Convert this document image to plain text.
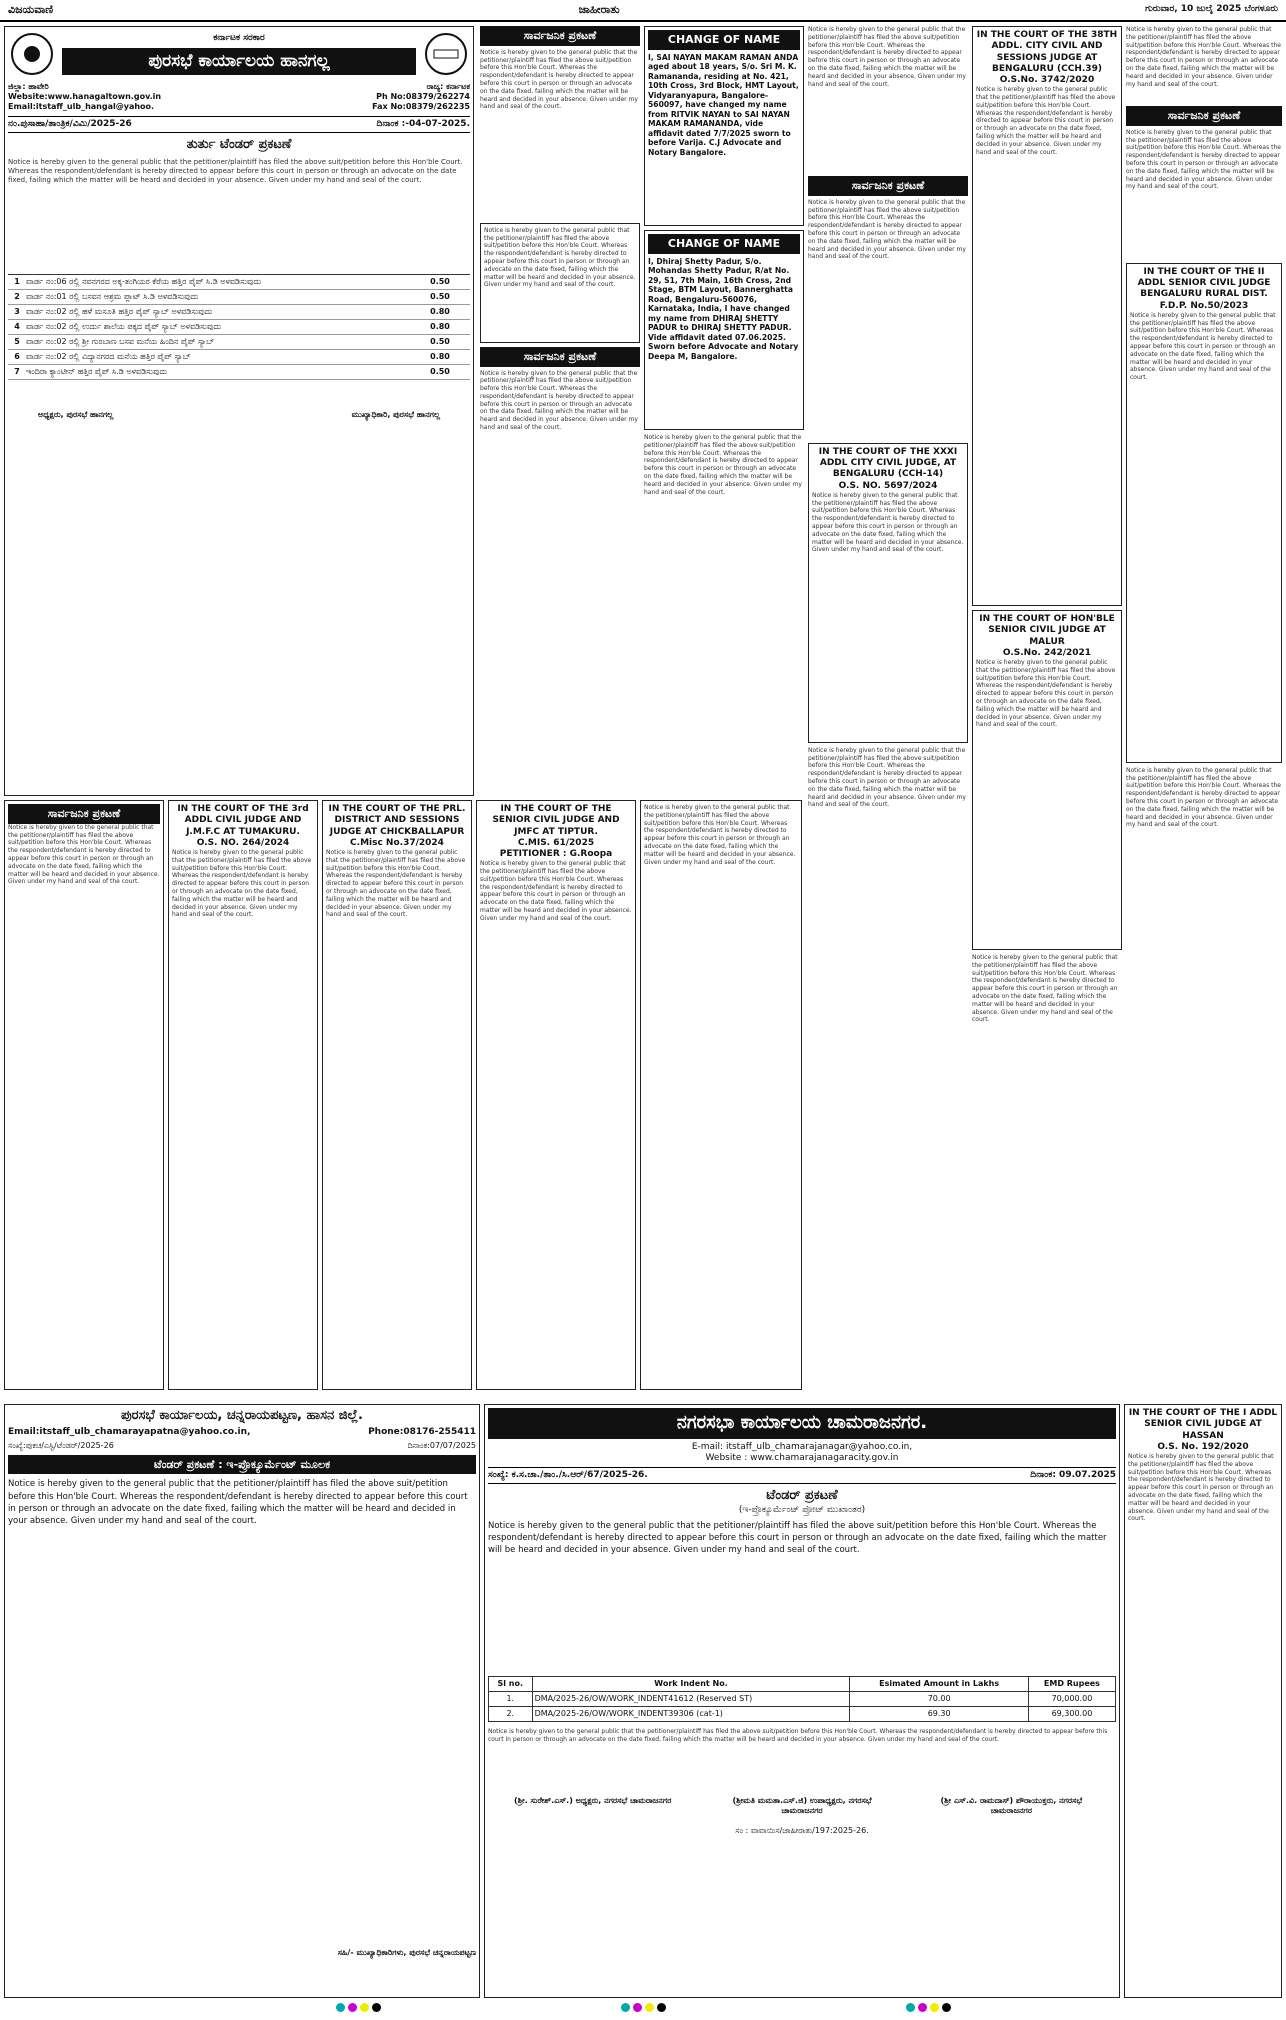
ವಿಜಯವಾಣಿ	ಜಾಹೀರಾತು	ಗುರುವಾರ, 10 ಜುಲೈ 2025 ಬೆಂಗಳೂರು
ಕರ್ನಾಟಕ ಸರಕಾರ
ಪುರಸಭೆ ಕಾರ್ಯಾಲಯ ಹಾನಗಲ್ಲ
ಜಿಲ್ಲಾ: ಹಾವೇರಿ
Website:www.hanagaltown.gov.in
Email:itstaff_ulb_hangal@yahoo.
ರಾಜ್ಯ: ಕರ್ನಾಟಕ
Ph No:08379/262274
Fax No:08379/262235
ನಂ.ಪುಸಾಹಾ/ತಾಂತ್ರಿಕ/ವಿಮಿ/2025-26	ದಿನಾಂಕ :-04-07-2025.
ತುರ್ತು ಟೆಂಡರ್ ಪ್ರಕಟಣೆ
Notice is hereby given to the general public that the petitioner/plaintiff has filed the above suit/petition before this Hon'ble Court. Whereas the respondent/defendant is hereby directed to appear before this court in person or through an advocate on the date fixed, failing which the matter will be heard and decided in your absence. Given under my hand and seal of the court.
1 ವಾರ್ಡ ನಂ:06 ರಲ್ಲಿ ನವನಗರದ ಅಕ್ಕ-ತಂಗಿಯರ ಕೆರೆಯ ಹತ್ತಿರ ಪೈಪ್ ಸಿ.ಡಿ ಅಳವಡಿಸುವುದು	0.50
2 ವಾರ್ಡ ನಂ:01 ರಲ್ಲಿ ಬಸವನ ಆಶ್ರಮ ಪ್ಲಾಟ್ ಸಿ.ಡಿ ಅಳವಡಿಸುವುದು	0.50
3 ವಾರ್ಡ ನಂ:02 ರಲ್ಲಿ ಹಳೆ ಮಸೂತಿ ಹತ್ತಿರ ಪೈಪ್ ಸ್ಯಾಬ್ ಅಳವಡಿಸುವುದು	0.80
4 ವಾರ್ಡ ನಂ:02 ರಲ್ಲಿ ಉರ್ದು ಶಾಲೆಯ ಪಕ್ಕದ ಪೈಪ್ ಸ್ಯಾಬ್ ಅಳವಡಿಸುವುದು	0.80
5 ವಾರ್ಡ ನಂ:02 ರಲ್ಲಿ ಶ್ರೀ ಗುರಬಾಣ ಬಸವ ಮನೆಯ ಹಿಂದಿನ ಪೈಪ್ ಸ್ಯಾಬ್	0.50
6 ವಾರ್ಡ ನಂ:02 ರಲ್ಲಿ ವಿದ್ಯಾನಗರದ ಮನೆಯ ಹತ್ತಿರ ಪೈಪ್ ಸ್ಯಾಬ್	0.80
7 ಇಂದಿರಾ ಕ್ಯಾಂಟೀನ್ ಹತ್ತಿರ ಪೈಪ್ ಸಿ.ಡಿ ಅಳವಡಿಸುವುದು	0.50
ಅಧ್ಯಕ್ಷರು, ಪುರಸಭೆ ಹಾನಗಲ್ಲ	ಮುಖ್ಯಾಧಿಕಾರಿ, ಪುರಸಭೆ ಹಾನಗಲ್ಲ
ಸಾರ್ವಜನಿಕ ಪ್ರಕಟಣೆ
Notice is hereby given to the general public that the petitioner/plaintiff has filed the above suit/petition before this Hon'ble Court. Whereas the respondent/defendant is hereby directed to appear before this court in person or through an advocate on the date fixed, failing which the matter will be heard and decided in your absence. Given under my hand and seal of the court.
Notice is hereby given to the general public that the petitioner/plaintiff has filed the above suit/petition before this Hon'ble Court. Whereas the respondent/defendant is hereby directed to appear before this court in person or through an advocate on the date fixed, failing which the matter will be heard and decided in your absence. Given under my hand and seal of the court.
ಸಾರ್ವಜನಿಕ ಪ್ರಕಟಣೆ
Notice is hereby given to the general public that the petitioner/plaintiff has filed the above suit/petition before this Hon'ble Court. Whereas the respondent/defendant is hereby directed to appear before this court in person or through an advocate on the date fixed, failing which the matter will be heard and decided in your absence. Given under my hand and seal of the court.
CHANGE OF NAME
I, SAI NAYAN MAKAM RAMAN ANDA aged about 18 years, S/o. Sri M. K. Ramananda, residing at No. 421, 10th Cross, 3rd Block, HMT Layout, Vidyaranyapura, Bangalore-560097, have changed my name from RITVIK NAYAN to SAI NAYAN MAKAM RAMANANDA, vide affidavit dated 7/7/2025 sworn to before Varija. C.J Advocate and Notary Bangalore.
CHANGE OF NAME
I, Dhiraj Shetty Padur, S/o. Mohandas Shetty Padur, R/at No. 29, S1, 7th Main, 16th Cross, 2nd Stage, BTM Layout, Bannerghatta Road, Bengaluru-560076, Karnataka, India, I have changed my name from DHIRAJ SHETTY PADUR to DHIRAJ SHETTY PADUR. Vide affidavit dated 07.06.2025. Sworn before Advocate and Notary Deepa M, Bangalore.
Notice is hereby given to the general public that the petitioner/plaintiff has filed the above suit/petition before this Hon'ble Court. Whereas the respondent/defendant is hereby directed to appear before this court in person or through an advocate on the date fixed, failing which the matter will be heard and decided in your absence. Given under my hand and seal of the court.
Notice is hereby given to the general public that the petitioner/plaintiff has filed the above suit/petition before this Hon'ble Court. Whereas the respondent/defendant is hereby directed to appear before this court in person or through an advocate on the date fixed, failing which the matter will be heard and decided in your absence. Given under my hand and seal of the court.
ಸಾರ್ವಜನಿಕ ಪ್ರಕಟಣೆ
Notice is hereby given to the general public that the petitioner/plaintiff has filed the above suit/petition before this Hon'ble Court. Whereas the respondent/defendant is hereby directed to appear before this court in person or through an advocate on the date fixed, failing which the matter will be heard and decided in your absence. Given under my hand and seal of the court.
IN THE COURT OF THE XXXI ADDL CITY CIVIL JUDGE, AT BENGALURU (CCH-14)
O.S. NO. 5697/2024
Notice is hereby given to the general public that the petitioner/plaintiff has filed the above suit/petition before this Hon'ble Court. Whereas the respondent/defendant is hereby directed to appear before this court in person or through an advocate on the date fixed, failing which the matter will be heard and decided in your absence. Given under my hand and seal of the court.
Notice is hereby given to the general public that the petitioner/plaintiff has filed the above suit/petition before this Hon'ble Court. Whereas the respondent/defendant is hereby directed to appear before this court in person or through an advocate on the date fixed, failing which the matter will be heard and decided in your absence. Given under my hand and seal of the court.
IN THE COURT OF THE 38TH ADDL. CITY CIVIL AND SESSIONS JUDGE AT BENGALURU (CCH.39)
O.S.No. 3742/2020
Notice is hereby given to the general public that the petitioner/plaintiff has filed the above suit/petition before this Hon'ble Court. Whereas the respondent/defendant is hereby directed to appear before this court in person or through an advocate on the date fixed, failing which the matter will be heard and decided in your absence. Given under my hand and seal of the court.
IN THE COURT OF HON'BLE SENIOR CIVIL JUDGE AT MALUR
O.S.No. 242/2021
Notice is hereby given to the general public that the petitioner/plaintiff has filed the above suit/petition before this Hon'ble Court. Whereas the respondent/defendant is hereby directed to appear before this court in person or through an advocate on the date fixed, failing which the matter will be heard and decided in your absence. Given under my hand and seal of the court.
Notice is hereby given to the general public that the petitioner/plaintiff has filed the above suit/petition before this Hon'ble Court. Whereas the respondent/defendant is hereby directed to appear before this court in person or through an advocate on the date fixed, failing which the matter will be heard and decided in your absence. Given under my hand and seal of the court.
Notice is hereby given to the general public that the petitioner/plaintiff has filed the above suit/petition before this Hon'ble Court. Whereas the respondent/defendant is hereby directed to appear before this court in person or through an advocate on the date fixed, failing which the matter will be heard and decided in your absence. Given under my hand and seal of the court.
ಸಾರ್ವಜನಿಕ ಪ್ರಕಟಣೆ
Notice is hereby given to the general public that the petitioner/plaintiff has filed the above suit/petition before this Hon'ble Court. Whereas the respondent/defendant is hereby directed to appear before this court in person or through an advocate on the date fixed, failing which the matter will be heard and decided in your absence. Given under my hand and seal of the court.
IN THE COURT OF THE II ADDL SENIOR CIVIL JUDGE BENGALURU RURAL DIST.
F.D.P. No.50/2023
Notice is hereby given to the general public that the petitioner/plaintiff has filed the above suit/petition before this Hon'ble Court. Whereas the respondent/defendant is hereby directed to appear before this court in person or through an advocate on the date fixed, failing which the matter will be heard and decided in your absence. Given under my hand and seal of the court.
Notice is hereby given to the general public that the petitioner/plaintiff has filed the above suit/petition before this Hon'ble Court. Whereas the respondent/defendant is hereby directed to appear before this court in person or through an advocate on the date fixed, failing which the matter will be heard and decided in your absence. Given under my hand and seal of the court.
ಸಾರ್ವಜನಿಕ ಪ್ರಕಟಣೆ
Notice is hereby given to the general public that the petitioner/plaintiff has filed the above suit/petition before this Hon'ble Court. Whereas the respondent/defendant is hereby directed to appear before this court in person or through an advocate on the date fixed, failing which the matter will be heard and decided in your absence. Given under my hand and seal of the court.
IN THE COURT OF THE 3rd ADDL CIVIL JUDGE AND J.M.F.C AT TUMAKURU.
O.S. NO. 264/2024
Notice is hereby given to the general public that the petitioner/plaintiff has filed the above suit/petition before this Hon'ble Court. Whereas the respondent/defendant is hereby directed to appear before this court in person or through an advocate on the date fixed, failing which the matter will be heard and decided in your absence. Given under my hand and seal of the court.
IN THE COURT OF THE PRL. DISTRICT AND SESSIONS JUDGE AT CHICKBALLAPUR
C.Misc No.37/2024
Notice is hereby given to the general public that the petitioner/plaintiff has filed the above suit/petition before this Hon'ble Court. Whereas the respondent/defendant is hereby directed to appear before this court in person or through an advocate on the date fixed, failing which the matter will be heard and decided in your absence. Given under my hand and seal of the court.
IN THE COURT OF THE SENIOR CIVIL JUDGE AND JMFC AT TIPTUR.
C.MIS. 61/2025
PETITIONER : G.Roopa
Notice is hereby given to the general public that the petitioner/plaintiff has filed the above suit/petition before this Hon'ble Court. Whereas the respondent/defendant is hereby directed to appear before this court in person or through an advocate on the date fixed, failing which the matter will be heard and decided in your absence. Given under my hand and seal of the court.
Notice is hereby given to the general public that the petitioner/plaintiff has filed the above suit/petition before this Hon'ble Court. Whereas the respondent/defendant is hereby directed to appear before this court in person or through an advocate on the date fixed, failing which the matter will be heard and decided in your absence. Given under my hand and seal of the court.
ಪುರಸಭೆ ಕಾರ್ಯಾಲಯ, ಚನ್ನರಾಯಪಟ್ಟಣ, ಹಾಸನ ಜಿಲ್ಲೆ.
Email:itstaff_ulb_chamarayapatna@yahoo.co.in,	Phone:08176-255411
ಸಂಖ್ಯೆ:ಪುಕಚ/ಎಸ್ಟಿ/ಟೆಂಡರ್/2025-26	ದಿನಾಂಕ:07/07/2025
ಟೆಂಡರ್ ಪ್ರಕಟಣೆ : ಇ-ಪ್ರೊಕ್ಯೂರ್ಮೆಂಟ್ ಮೂಲಕ
Notice is hereby given to the general public that the petitioner/plaintiff has filed the above suit/petition before this Hon'ble Court. Whereas the respondent/defendant is hereby directed to appear before this court in person or through an advocate on the date fixed, failing which the matter will be heard and decided in your absence. Given under my hand and seal of the court.
ಸಹಿ/- ಮುಖ್ಯಾಧಿಕಾರಿಗಳು, ಪುರಸಭೆ ಚನ್ನರಾಯಪಟ್ಟಣ
ನಗರಸಭಾ ಕಾರ್ಯಾಲಯ ಚಾಮರಾಜನಗರ.
E-mail: itstaff_ulb_chamarajanagar@yahoo.co.in,
Website : www.chamarajanagaracity.gov.in
ಸಂಖ್ಯೆ: ಕ.ಸ.ಚಾ./ತಾಂ./ಸಿ.ಆರ್/67/2025-26.	ದಿನಾಂಕ: 09.07.2025
ಟೆಂಡರ್ ಪ್ರಕಟಣೆ
(ಇ-ಪ್ರೊಕ್ಯೂರ್ಮೆಂಟ್ ಪ್ರೋಟ್ ಮುಖಾಂತರ)
Notice is hereby given to the general public that the petitioner/plaintiff has filed the above suit/petition before this Hon'ble Court. Whereas the respondent/defendant is hereby directed to appear before this court in person or through an advocate on the date fixed, failing which the matter will be heard and decided in your absence. Given under my hand and seal of the court.
Sl no.	Work Indent No.	Esimated Amount in Lakhs	EMD Rupees
1.	DMA/2025-26/OW/WORK_INDENT41612 (Reserved ST)	70.00	70,000.00
2.	DMA/2025-26/OW/WORK_INDENT39306 (cat-1)	69.30	69,300.00
Notice is hereby given to the general public that the petitioner/plaintiff has filed the above suit/petition before this Hon'ble Court. Whereas the respondent/defendant is hereby directed to appear before this court in person or through an advocate on the date fixed, failing which the matter will be heard and decided in your absence. Given under my hand and seal of the court.
(ಶ್ರೀ. ಸುರೇಶ್.ಎಸ್.) ಅಧ್ಯಕ್ಷರು, ನಗರಸಭೆ ಚಾಮರಾಜನಗರ	(ಶ್ರೀಮತಿ ಮಮತಾ.ಎಸ್.ಜಿ) ಉಪಾಧ್ಯಕ್ಷರು, ನಗರಸಭೆ ಚಾಮರಾಜನಗರ
(ಶ್ರೀ ಎಸ್.ವಿ. ರಾಮದಾಸ್) ಪೌರಾಯುಕ್ತರು, ನಗರಸಭೆ ಚಾಮರಾಜನಗರ
ಸಂ : ವಾವಾಯಿಸ/ಜಾಹೀರಾತು/197:2025-26.
IN THE COURT OF THE I ADDL SENIOR CIVIL JUDGE AT HASSAN
O.S. No. 192/2020
Notice is hereby given to the general public that the petitioner/plaintiff has filed the above suit/petition before this Hon'ble Court. Whereas the respondent/defendant is hereby directed to appear before this court in person or through an advocate on the date fixed, failing which the matter will be heard and decided in your absence. Given under my hand and seal of the court.
